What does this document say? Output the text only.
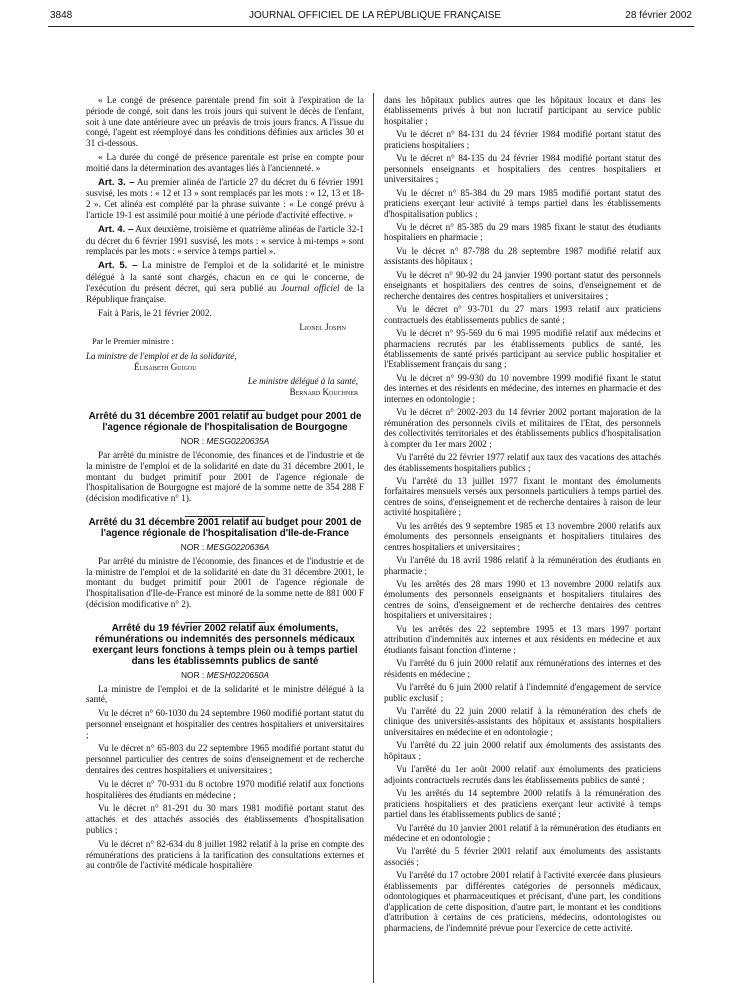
3848	JOURNAL OFFICIEL DE LA RÉPUBLIQUE FRANÇAISE	28 février 2002

« Le congé de présence parentale prend fin soit à l'expiration de la période de congé, soit dans les trois jours qui suivent le décès de l'enfant, soit à une date antérieure avec un préavis de trois jours francs. A l'issue du congé, l'agent est réemployé dans les conditions définies aux articles 30 et 31 ci-dessous.

« La durée du congé de présence parentale est prise en compte pour moitié dans la détermination des avantages liés à l'ancienneté. »

Art. 3. – Au premier alinéa de l'article 27 du décret du 6 février 1991 susvisé, les mots : « 12 et 13 » sont remplacés par les mots : « 12, 13 et 18-2 ». Cet alinéa est complété par la phrase suivante : « Le congé prévu à l'article 19-1 est assimilé pour moitié à une période d'activité effective. »

Art. 4. – Aux deuxième, troisième et quatrième alinéas de l'article 32-1 du décret du 6 février 1991 susvisé, les mots : « service à mi-temps » sont remplacés par les mots : « service à temps partiel ».

Art. 5. – La ministre de l'emploi et de la solidarité et le ministre délégué à la santé sont chargés, chacun en ce qui le concerne, de l'exécution du présent décret, qui sera publié au Journal officiel de la République française.

Fait à Paris, le 21 février 2002.

Lionel Jospin
Par le Premier ministre :
La ministre de l'emploi et de la solidarité,
Élisabeth Guigou
Le ministre délégué à la santé,
Bernard Kouchner

Arrêté du 31 décembre 2001 relatif au budget pour 2001 de l'agence régionale de l'hospitalisation de Bourgogne

NOR : MESG0220635A

Par arrêté du ministre de l'économie, des finances et de l'industrie et de la ministre de l'emploi et de la solidarité en date du 31 décembre 2001, le montant du budget primitif pour 2001 de l'agence régionale de l'hospitalisation de Bourgogne est majoré de la somme nette de 354 288 F (décision modificative n° 1).

Arrêté du 31 décembre 2001 relatif au budget pour 2001 de l'agence régionale de l'hospitalisation d'Ile-de-France

NOR : MESG0220636A

Par arrêté du ministre de l'économie, des finances et de l'industrie et de la ministre de l'emploi et de la solidarité en date du 31 décembre 2001, le montant du budget primitif pour 2001 de l'agence régionale de l'hospitalisation d'Ile-de-France est minoré de la somme nette de 881 000 F (décision modificative n° 2).

Arrêté du 19 février 2002 relatif aux émoluments, rémunérations ou indemnités des personnels médicaux exerçant leurs fonctions à temps plein ou à temps partiel dans les établissemnts publics de santé

NOR : MESH0220650A

La ministre de l'emploi et de la solidarité et le ministre délégué à la santé,

Vu le décret n° 60-1030 du 24 septembre 1960 modifié portant statut du personnel enseignant et hospitalier des centres hospitaliers et universitaires ;

Vu le décret n° 65-803 du 22 septembre 1965 modifié portant statut du personnel particulier des centres de soins d'enseignement et de recherche dentaires des centres hospitaliers et universitaires ;

Vu le décret n° 70-931 du 8 octobre 1970 modifié relatif aux fonctions hospitalières des étudiants en médecine ;

Vu le décret n° 81-291 du 30 mars 1981 modifié portant statut des attachés et des attachés associés des établissements d'hospitalisation publics ;

Vu le décret n° 82-634 du 8 juillet 1982 relatif à la prise en compte des rémunérations des praticiens à la tarification des consultations externes et au contrôle de l'activité médicale hospitalière

dans les hôpitaux publics autres que les hôpitaux locaux et dans les établissements privés à but non lucratif participant au service public hospitalier ;

Vu le décret n° 84-131 du 24 février 1984 modifié portant statut des praticiens hospitaliers ;

Vu le décret n° 84-135 du 24 février 1984 modifié portant statut des personnels enseignants et hospitaliers des centres hospitaliers et universitaires ;

Vu le décret n° 85-384 du 29 mars 1985 modifié portant statut des praticiens exerçant leur activité à temps partiel dans les établissements d'hospitalisation publics ;

Vu le décret n° 85-385 du 29 mars 1985 fixant le statut des étudiants hospitaliers en pharmacie ;

Vu le décret n° 87-788 du 28 septembre 1987 modifié relatif aux assistants des hôpitaux ;

Vu le décret n° 90-92 du 24 janvier 1990 portant statut des personnels enseignants et hospitaliers des centres de soins, d'enseignement et de recherche dentaires des centres hospitaliers et universitaires ;

Vu le décret n° 93-701 du 27 mars 1993 relatif aux praticiens contractuels des établissements publics de santé ;

Vu le décret n° 95-569 du 6 mai 1995 modifié relatif aux médecins et pharmaciens recrutés par les établissements publics de santé, les établissements de santé privés participant au service public hospitalier et l'Etablissement français du sang ;

Vu le décret n° 99-930 du 10 novembre 1999 modifié fixant le statut des internes et des résidents en médecine, des internes en pharmacie et des internes en odontologie ;

Vu le décret n° 2002-203 du 14 février 2002 portant majoration de la rémunération des personnels civils et militaires de l'Etat, des personnels des collectivités territoriales et des établissements publics d'hospitalisation à compter du 1er mars 2002 ;

Vu l'arrêté du 22 février 1977 relatif aux taux des vacations des attachés des établissements hospitaliers publics ;

Vu l'arrêté du 13 juillet 1977 fixant le montant des émoluments forfaitaires mensuels versés aux personnels particuliers à temps partiel des centres de soins, d'enseignement et de recherche dentaires à raison de leur activité hospitalière ;

Vu les arrêtés des 9 septembre 1985 et 13 novembre 2000 relatifs aux émoluments des personnels enseignants et hospitaliers titulaires des centres hospitaliers et universitaires ;

Vu l'arrêté du 18 avril 1986 relatif à la rémunération des étudiants en pharmacie ;

Vu les arrêtés des 28 mars 1990 et 13 novembre 2000 relatifs aux émoluments des personnels enseignants et hospitaliers titulaires des centres de soins, d'enseignement et de recherche dentaires des centres hospitaliers et universitaires ;

Vu les arrêtés des 22 septembre 1995 et 13 mars 1997 portant attribution d'indemnités aux internes et aux résidents en médecine et aux étudiants faisant fonction d'interne ;

Vu l'arrêté du 6 juin 2000 relatif aux rémunérations des internes et des résidents en médecine ;

Vu l'arrêté du 6 juin 2000 relatif à l'indemnité d'engagement de service public exclusif ;

Vu l'arrêté du 22 juin 2000 relatif à la rémunération des chefs de clinique des universités-assistants des hôpitaux et assistants hospitaliers universitaires en médecine et en odontologie ;

Vu l'arrêté du 22 juin 2000 relatif aux émoluments des assistants des hôpitaux ;

Vu l'arrêté du 1er août 2000 relatif aux émoluments des praticiens adjoints contractuels recrutés dans les établissements publics de santé ;

Vu les arrêtés du 14 septembre 2000 relatifs à la rémunération des praticiens hospitaliers et des praticiens exerçant leur activité à temps partiel dans les établissements publics de santé ;

Vu l'arrêté du 10 janvier 2001 relatif à la rémunération des étudiants en médecine et en odontologie ;

Vu l'arrêté du 5 février 2001 relatif aux émoluments des assistants associés ;

Vu l'arrêté du 17 octobre 2001 relatif à l'activité exercée dans plusieurs établissements par différentes catégories de personnels médicaux, odontologiques et pharmaceutiques et précisant, d'une part, les conditions d'application de cette disposition, d'autre part, le montant et les conditions d'attribution à certains de ces praticiens, médecins, odontologistes ou pharmaciens, de l'indemnité prévue pour l'exercice de cette activité.
